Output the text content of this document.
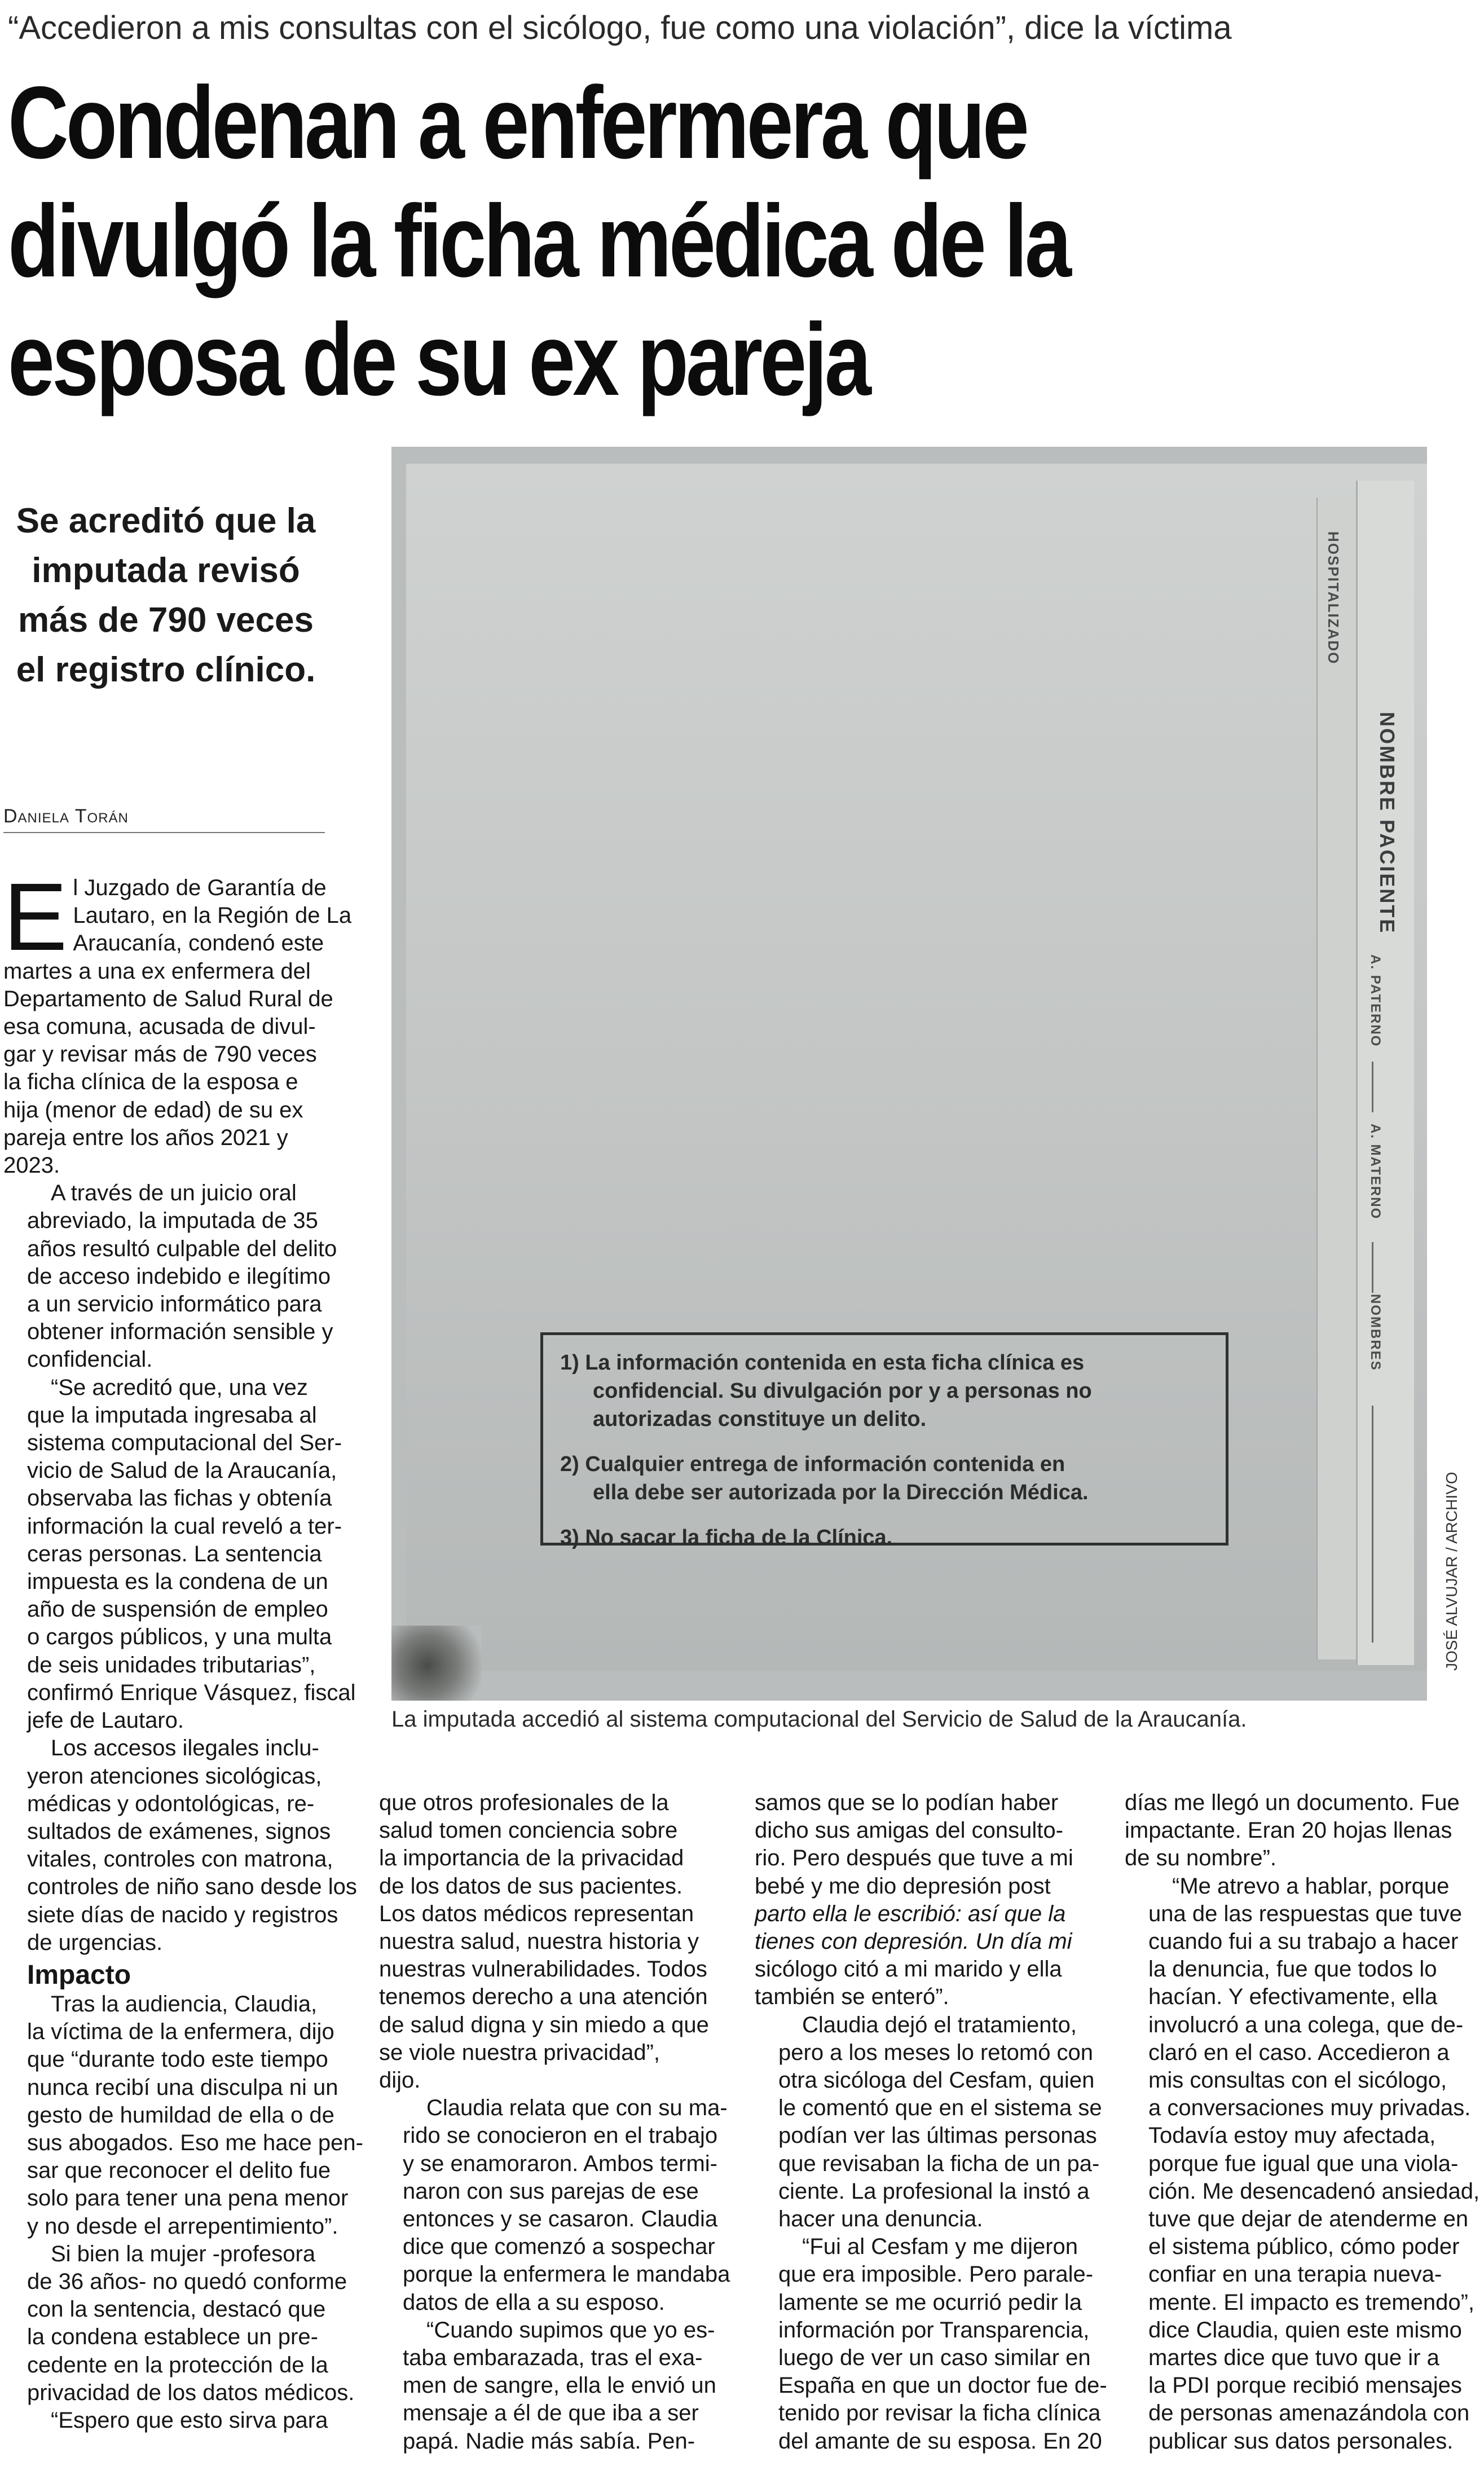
“Accedieron a mis consultas con el sicólogo, fue como una violación”, dice la víctima
Condenan a enfermera que
divulgó la ficha médica de la
esposa de su ex pareja
Se acreditó que la
imputada revisó
más de 790 veces
el registro clínico.
Daniela Torán
HOSPITALIZADO
NOMBRE PACIENTE
A. PATERNO
A. MATERNO
NOMBRES
1) La información contenida en esta ficha clínica es
confidencial. Su divulgación por y a personas no
autorizadas constituye un delito.
2) Cualquier entrega de información contenida en
ella debe ser autorizada por la Dirección Médica.
3) No sacar la ficha de la Clínica.	JOSÉ ALVUJAR / ARCHIVO
La imputada accedió al sistema computacional del Servicio de Salud de la Araucanía.

E l Juzgado de Garantía de
Lautaro, en la Región de La
Araucanía, condenó este
martes a una ex enfermera del
Departamento de Salud Rural de
esa comuna, acusada de divul-
gar y revisar más de 790 veces
la ficha clínica de la esposa e
hija (menor de edad) de su ex
pareja entre los años 2021 y
2023.

A través de un juicio oral
abreviado, la imputada de 35
años resultó culpable del delito
de acceso indebido e ilegítimo
a un servicio informático para
obtener información sensible y
confidencial.

“Se acreditó que, una vez
que la imputada ingresaba al
sistema computacional del Ser-
vicio de Salud de la Araucanía,
observaba las fichas y obtenía
información la cual reveló a ter-
ceras personas. La sentencia
impuesta es la condena de un
año de suspensión de empleo
o cargos públicos, y una multa
de seis unidades tributarias”,
confirmó Enrique Vásquez, fiscal
jefe de Lautaro.

Los accesos ilegales inclu-
yeron atenciones sicológicas,
médicas y odontológicas, re-
sultados de exámenes, signos
vitales, controles con matrona,
controles de niño sano desde los
siete días de nacido y registros
de urgencias.

Impacto

Tras la audiencia, Claudia,
la víctima de la enfermera, dijo
que “durante todo este tiempo
nunca recibí una disculpa ni un
gesto de humildad de ella o de
sus abogados. Eso me hace pen-
sar que reconocer el delito fue
solo para tener una pena menor
y no desde el arrepentimiento”.

Si bien la mujer -profesora
de 36 años- no quedó conforme
con la sentencia, destacó que
la condena establece un pre-
cedente en la protección de la
privacidad de los datos médicos.

“Espero que esto sirva para

que otros profesionales de la
salud tomen conciencia sobre
la importancia de la privacidad
de los datos de sus pacientes.
Los datos médicos representan
nuestra salud, nuestra historia y
nuestras vulnerabilidades. Todos
tenemos derecho a una atención
de salud digna y sin miedo a que
se viole nuestra privacidad”,
dijo.

Claudia relata que con su ma-
rido se conocieron en el trabajo
y se enamoraron. Ambos termi-
naron con sus parejas de ese
entonces y se casaron. Claudia
dice que comenzó a sospechar
porque la enfermera le mandaba
datos de ella a su esposo.

“Cuando supimos que yo es-
taba embarazada, tras el exa-
men de sangre, ella le envió un
mensaje a él de que iba a ser
papá. Nadie más sabía. Pen-

samos que se lo podían haber
dicho sus amigas del consulto-
rio. Pero después que tuve a mi
bebé y me dio depresión post
parto ella le escribió: así que la
tienes con depresión. Un día mi
sicólogo citó a mi marido y ella
también se enteró”.

Claudia dejó el tratamiento,
pero a los meses lo retomó con
otra sicóloga del Cesfam, quien
le comentó que en el sistema se
podían ver las últimas personas
que revisaban la ficha de un pa-
ciente. La profesional la instó a
hacer una denuncia.

“Fui al Cesfam y me dijeron
que era imposible. Pero parale-
lamente se me ocurrió pedir la
información por Transparencia,
luego de ver un caso similar en
España en que un doctor fue de-
tenido por revisar la ficha clínica
del amante de su esposa. En 20

días me llegó un documento. Fue
impactante. Eran 20 hojas llenas
de su nombre”.

“Me atrevo a hablar, porque
una de las respuestas que tuve
cuando fui a su trabajo a hacer
la denuncia, fue que todos lo
hacían. Y efectivamente, ella
involucró a una colega, que de-
claró en el caso. Accedieron a
mis consultas con el sicólogo,
a conversaciones muy privadas.
Todavía estoy muy afectada,
porque fue igual que una viola-
ción. Me desencadenó ansiedad,
tuve que dejar de atenderme en
el sistema público, cómo poder
confiar en una terapia nueva-
mente. El impacto es tremendo”,
dice Claudia, quien este mismo
martes dice que tuvo que ir a
la PDI porque recibió mensajes
de personas amenazándola con
publicar sus datos personales.
